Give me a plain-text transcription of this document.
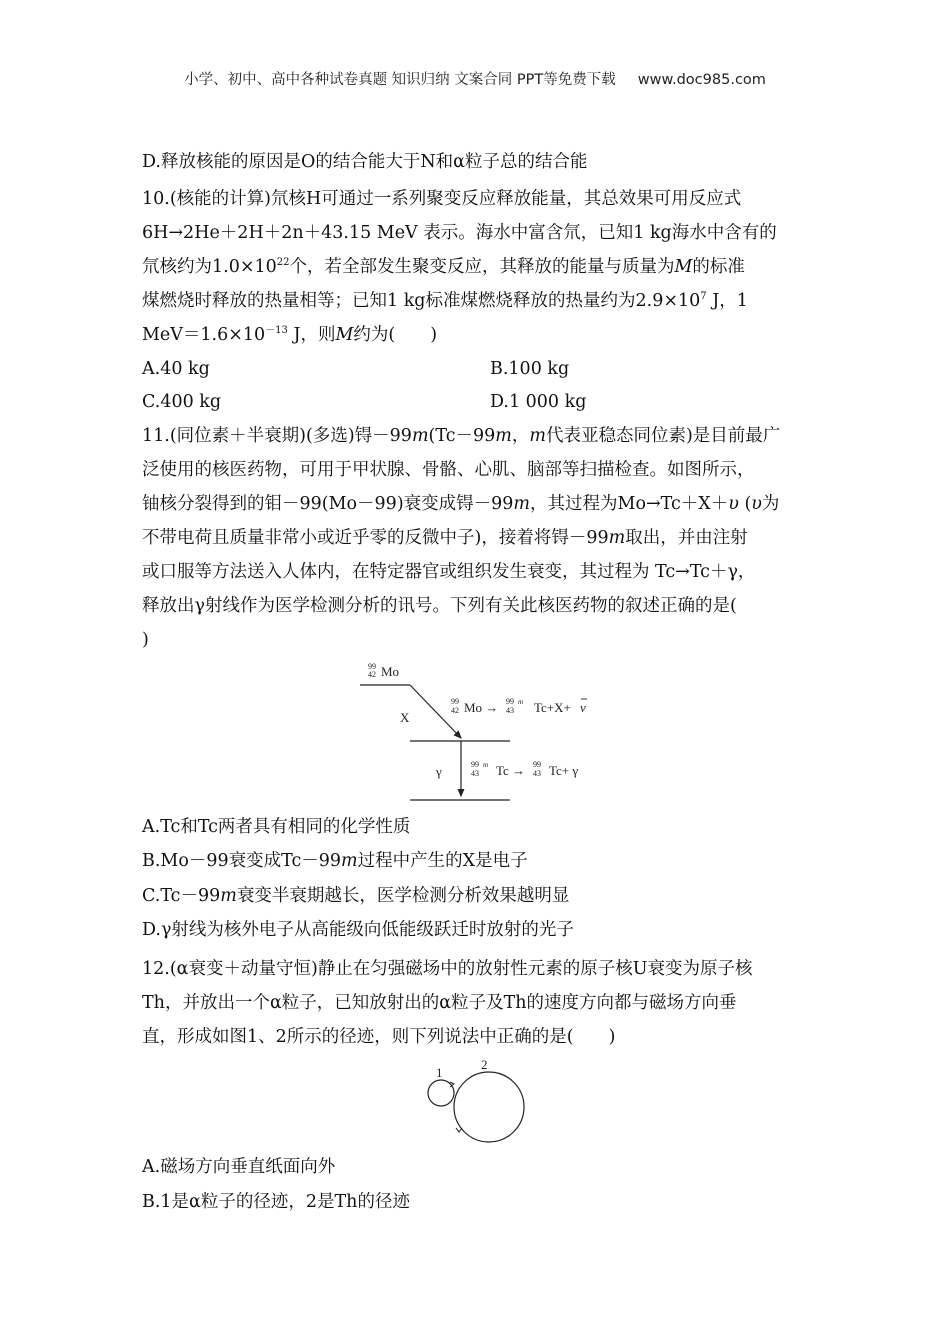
小学、初中、高中各种试卷真题 知识归纳 文案合同 PPT等免费下载 www.doc985.com
D.释放核能的原因是O的结合能大于N和α粒子总的结合能
10.(核能的计算)氘核H可通过一系列聚变反应释放能量，其总效果可用反应式
6H→2He＋2H＋2n＋43.15 MeV 表示。海水中富含氘，已知1 kg海水中含有的
氘核约为$1.0\times 10^{22}$个，若全部发生聚变反应，其释放的能量与质量为M的标准
煤燃烧时释放的热量相等；已知1 kg标准煤燃烧释放的热量约为$2.9\times 10^7$ J，1
$MeV=1.6\times 10^{-13}$ J，则M约为(　　)
A.40 kg	B.100 kg
C.400 kg	D.1 000 kg
11.(同位素＋半衰期)(多选)锝－99m(Tc－99m，m代表亚稳态同位素)是目前最广
泛使用的核医药物，可用于甲状腺、骨骼、心肌、脑部等扫描检查。如图所示，
铀核分裂得到的钼－99(Mo－99)衰变成锝－99m，其过程为Mo→Tc＋X＋υ (υ为
不带电荷且质量非常小或近乎零的反微中子)，接着将锝－99m取出，并由注射
或口服等方法送入人体内，在特定器官或组织发生衰变，其过程为 Tc→Tc＋γ，
释放出γ射线作为医学检测分析的讯号。下列有关此核医药物的叙述正确的是(
)
99
42 Mo
X
99
42 Mo → 99 m
43 Tc+X+ ν
γ	99 m
43 Tc → 99
43 Tc+ γ
A.Tc和Tc两者具有相同的化学性质
B.Mo－99衰变成Tc－99m过程中产生的X是电子
C.Tc－99m衰变半衰期越长，医学检测分析效果越明显
D.γ射线为核外电子从高能级向低能级跃迁时放射的光子
12.(α衰变＋动量守恒)静止在匀强磁场中的放射性元素的原子核U衰变为原子核
Th，并放出一个α粒子，已知放射出的α粒子及Th的速度方向都与磁场方向垂
直，形成如图1、2所示的径迹，则下列说法中正确的是(　　)
1
2
A.磁场方向垂直纸面向外
B.1是α粒子的径迹，2是Th的径迹
